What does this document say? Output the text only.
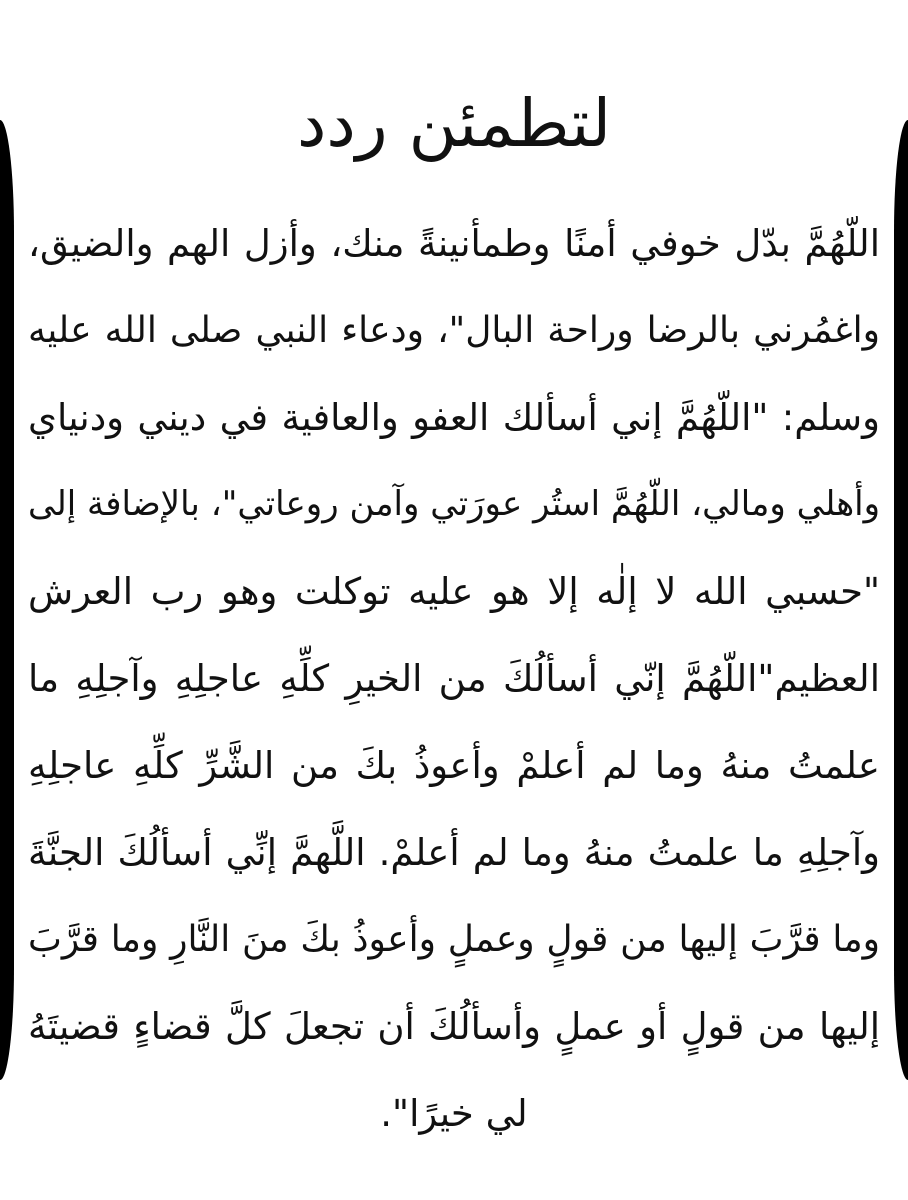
لتطمئن ردد
اللّهُمَّ بدّل خوفي أمنًا وطمأنينةً منك، وأزل الهم والضيق،
واغمُرني بالرضا وراحة البال"، ودعاء النبي صلى الله عليه
وسلم: "اللّهُمَّ إني أسألك العفو والعافية في ديني ودنياي
وأهلي ومالي، اللّهُمَّ استُر عورَتي وآمن روعاتي"، بالإضافة إلى
"حسبي الله لا إلٰه إلا هو عليه توكلت وهو رب العرش
العظيم"اللّهُمَّ إنّي أسألُكَ من الخيرِ كلِّهِ عاجلِهِ وآجلِهِ ما
علمتُ منهُ وما لم أعلمْ وأعوذُ بكَ من الشَّرِّ كلِّهِ عاجلِهِ
وآجلِهِ ما علمتُ منهُ وما لم أعلمْ. اللَّهمَّ إنِّي أسألُكَ الجنَّةَ
وما قرَّبَ إليها من قولٍ وعملٍ وأعوذُ بكَ منَ النَّارِ وما قرَّبَ
إليها من قولٍ أو عملٍ وأسألُكَ أن تجعلَ كلَّ قضاءٍ قضيتَهُ
لي خيرًا".
